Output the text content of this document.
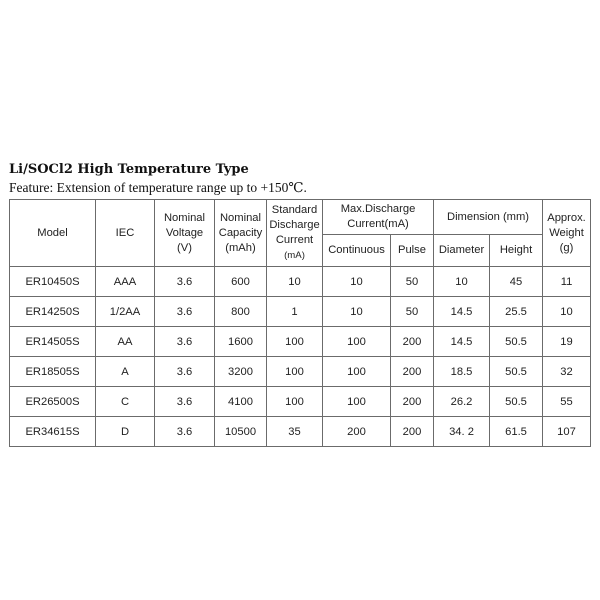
Li/SOCl2 High Temperature Type
Feature: Extension of temperature range up to +150℃.
Model	IEC	Nominal
Voltage
(V)	Nominal
Capacity
(mAh)	Standard
Discharge
Current
(mA)	Max.Discharge
Current(mA)		Dimension (mm)		Approx.
Weight (g)

					Continuous	Pulse	Diameter	Height	
ER10450S	AAA	3.6	600	10	10	50	10	45	11
ER14250S	1/2AA	3.6	800	1	10	50	14.5	25.5	10
ER14505S	AA	3.6	1600	100	100	200	14.5	50.5	19
ER18505S	A	3.6	3200	100	100	200	18.5	50.5	32
ER26500S	C	3.6	4100	100	100	200	26.2	50.5	55
ER34615S	D	3.6	10500	35	200	200	34. 2	61.5	107
